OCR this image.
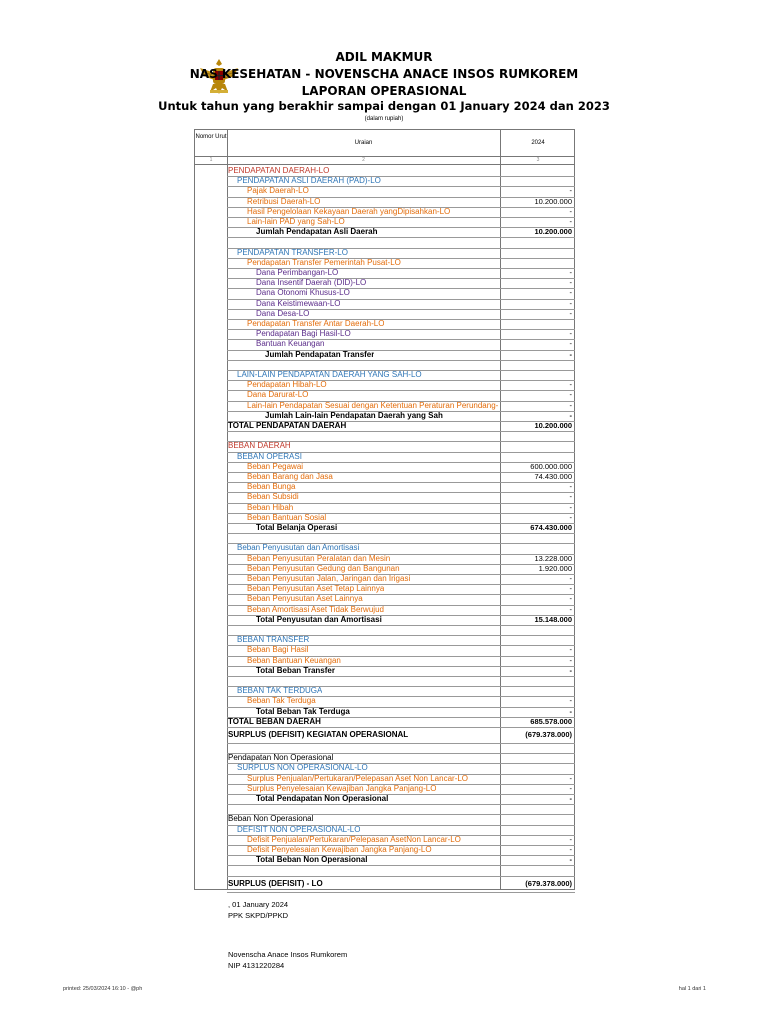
ADIL MAKMUR
NAS KESEHATAN - NOVENSCHA ANACE INSOS RUMKOREM
LAPORAN OPERASIONAL
Untuk tahun yang berakhir sampai dengan 01 January 2024 dan 2023
(dalam rupiah)
Nomor Urut
Uraian	2024
1	2	3
PENDAPATAN DAERAH-LO
PENDAPATAN ASLI DAERAH (PAD)-LO
Pajak Daerah-LO	-
Retribusi Daerah-LO	10.200.000
Hasil Pengelolaan Kekayaan Daerah yangDipisahkan-LO	-
Lain-lain PAD yang Sah-LO	-
Jumlah Pendapatan Asli Daerah	10.200.000
PENDAPATAN TRANSFER-LO
Pendapatan Transfer Pemerintah Pusat-LO
Dana Perimbangan-LO	-
Dana Insentif Daerah (DID)-LO	-
Dana Otonomi Khusus-LO	-
Dana Keistimewaan-LO	-
Dana Desa-LO	-
Pendapatan Transfer Antar Daerah-LO
Pendapatan Bagi Hasil-LO	-
Bantuan Keuangan	-
Jumlah Pendapatan Transfer	-
LAIN-LAIN PENDAPATAN DAERAH YANG SAH-LO
Pendapatan Hibah-LO	-
Dana Darurat-LO	-
Lain-lain Pendapatan Sesuai dengan Ketentuan Peraturan Perundang-	-
Jumlah Lain-lain Pendapatan Daerah yang Sah	-
TOTAL PENDAPATAN DAERAH	10.200.000
BEBAN DAERAH
BEBAN OPERASI
Beban Pegawai	600.000.000
Beban Barang dan Jasa	74.430.000
Beban Bunga	-
Beban Subsidi	-
Beban Hibah	-
Beban Bantuan Sosial	-
Total Belanja Operasi	674.430.000
Beban Penyusutan dan Amortisasi
Beban Penyusutan Peralatan dan Mesin	13.228.000
Beban Penyusutan Gedung dan Bangunan	1.920.000
Beban Penyusutan Jalan, Jaringan dan Irigasi	-
Beban Penyusutan Aset Tetap Lainnya	-
Beban Penyusutan Aset Lainnya	-
Beban Amortisasi Aset Tidak Berwujud	-
Total Penyusutan dan Amortisasi	15.148.000
BEBAN TRANSFER
Beban Bagi Hasil	-
Beban Bantuan Keuangan	-
Total Beban Transfer	-
BEBAN TAK TERDUGA
Beban Tak Terduga	-
Total Beban Tak Terduga	-
TOTAL BEBAN DAERAH	685.578.000
SURPLUS (DEFISIT) KEGIATAN OPERASIONAL	(679.378.000)
Pendapatan Non Operasional
SURPLUS NON OPERASIONAL-LO
Surplus Penjualan/Pertukaran/Pelepasan Aset Non Lancar-LO	-
Surplus Penyelesaian Kewajiban Jangka Panjang-LO	-
Total Pendapatan Non Operasional	-
Beban Non Operasional
DEFISIT NON OPERASIONAL-LO
Defisit Penjualan/Pertukaran/Pelepasan AsetNon Lancar-LO	-
Defisit Penyelesaian Kewajiban Jangka Panjang-LO	-
Total Beban Non Operasional	-
SURPLUS (DEFISIT) - LO	(679.378.000)
, 01 January 2024
PPK SKPD/PPKD
Novenscha Anace Insos Rumkorem
NIP 4131220284
printed: 25/03/2024 16:10 - @ph	hal 1 dari 1
